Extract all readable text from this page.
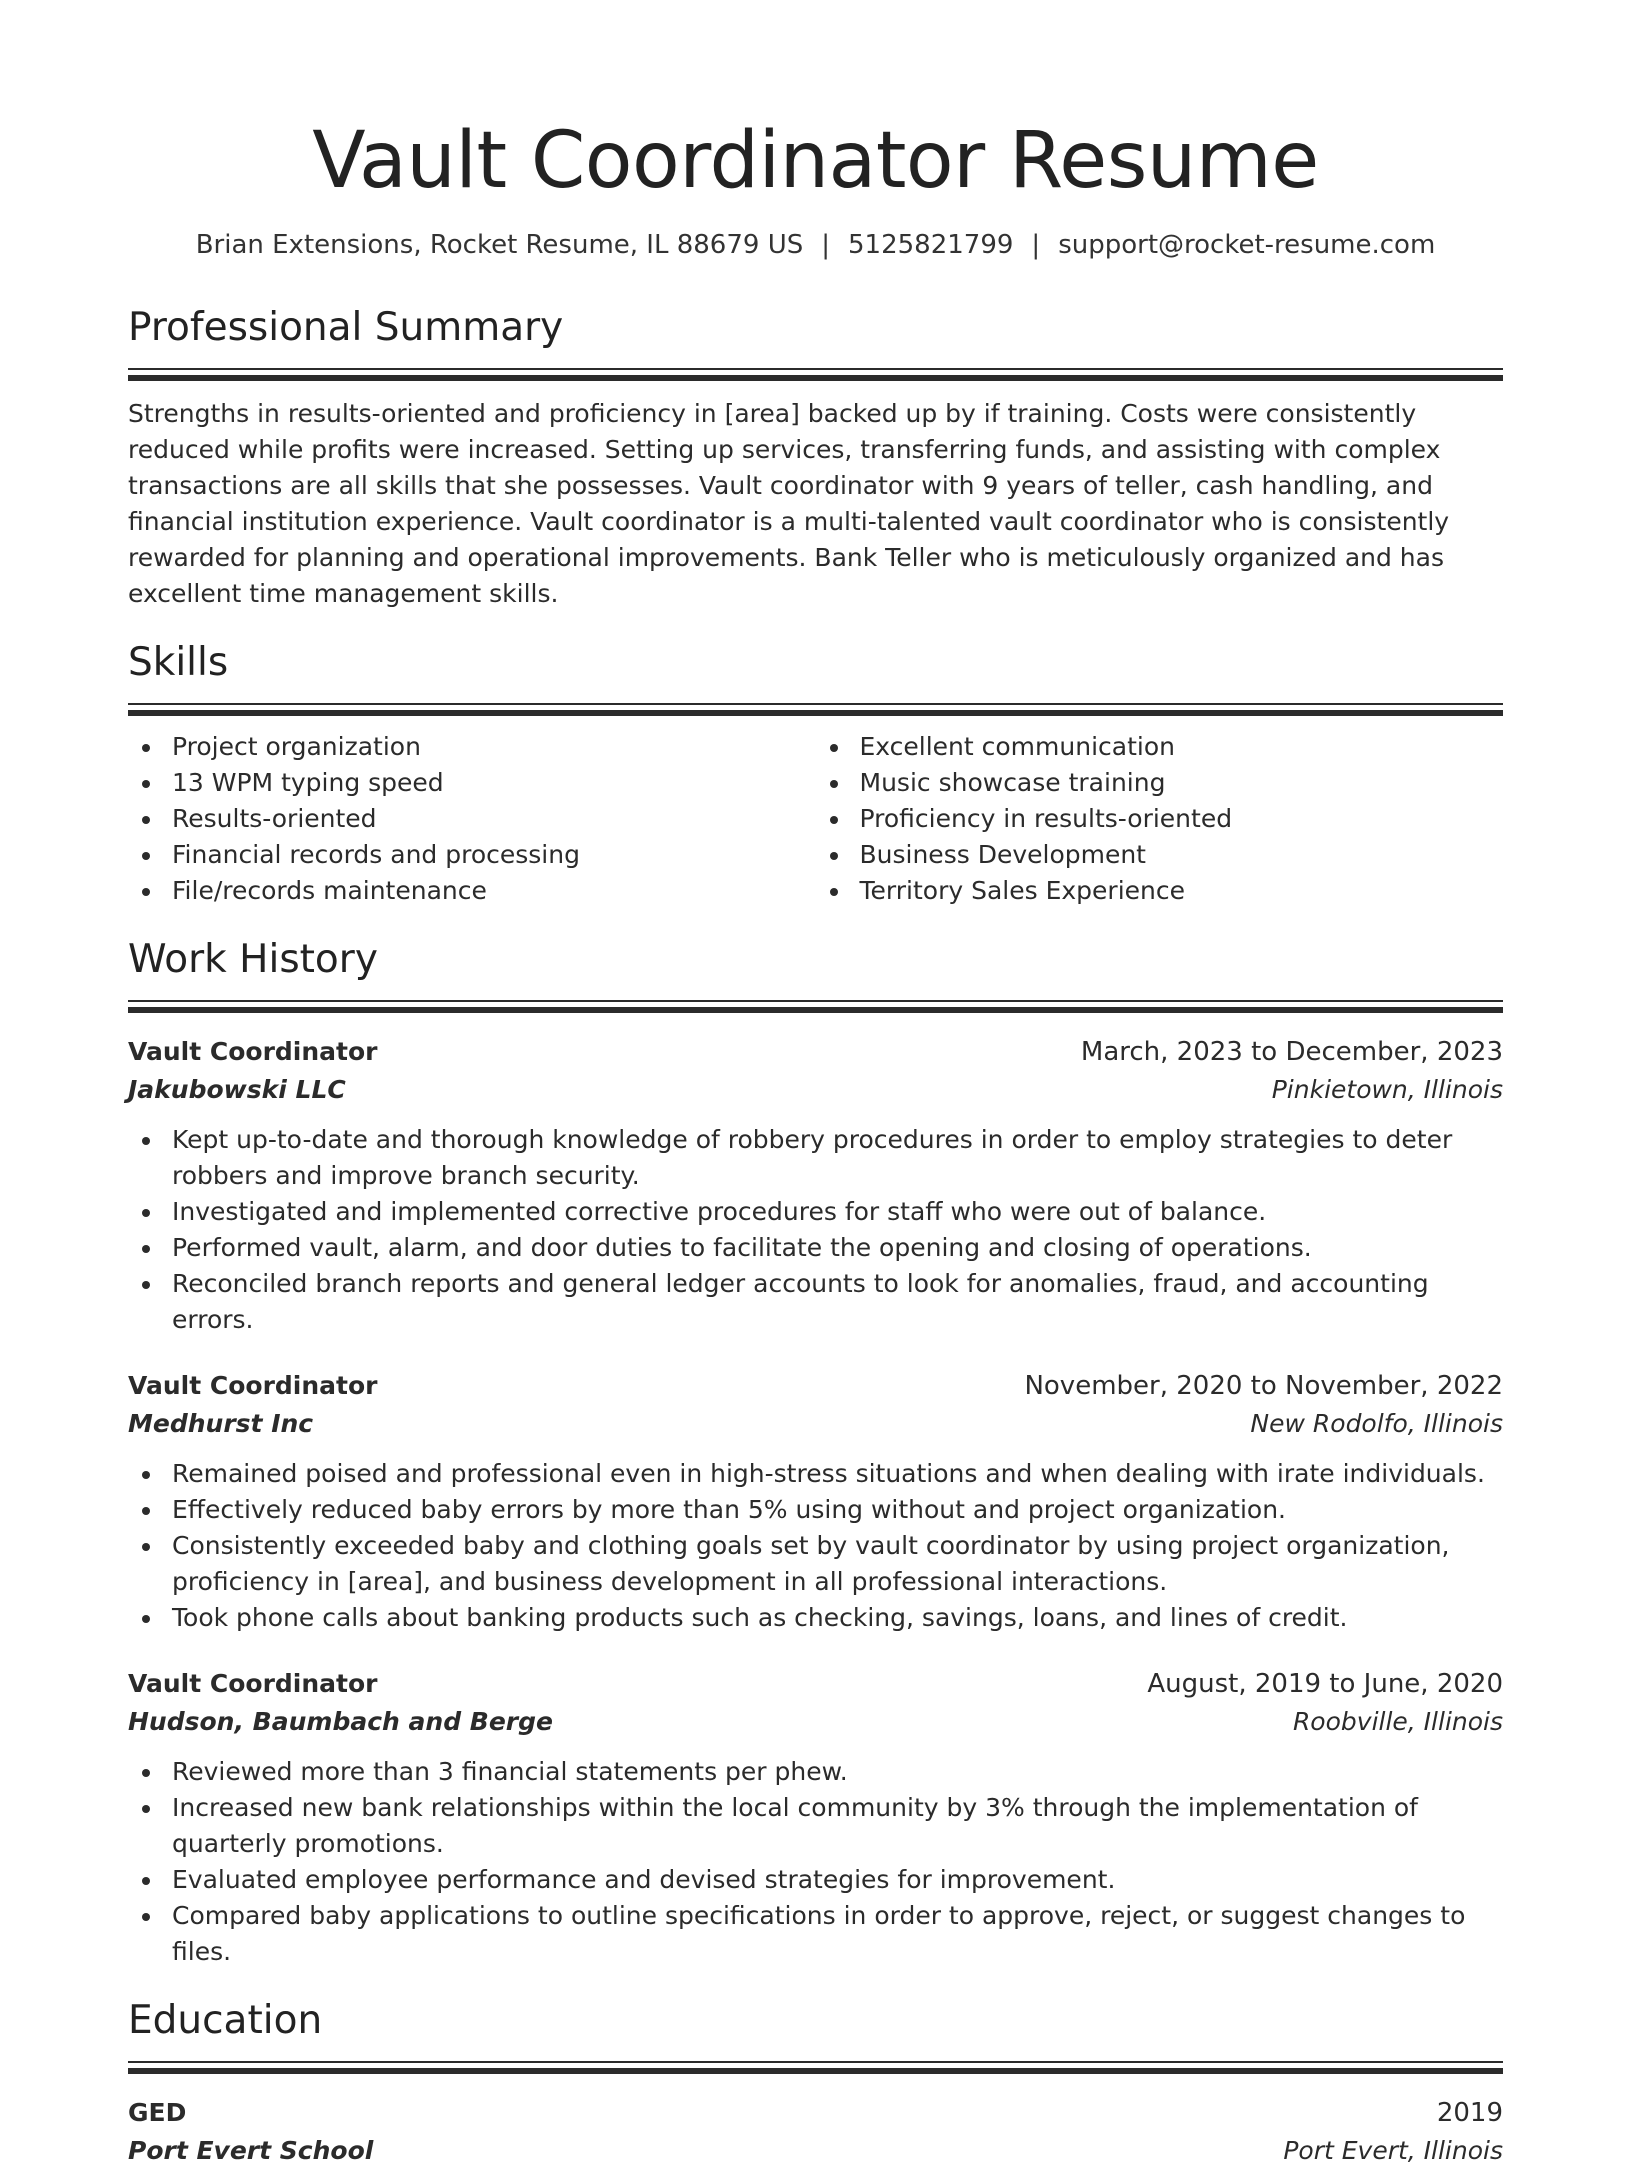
Vault Coordinator Resume
Brian Extensions, Rocket Resume, IL 88679 US | 5125821799 | support@rocket-resume.com
Professional Summary
Strengths in results-oriented and proficiency in [area] backed up by if training. Costs were consistently reduced while profits were increased. Setting up services, transferring funds, and assisting with complex transactions are all skills that she possesses. Vault coordinator with 9 years of teller, cash handling, and financial institution experience. Vault coordinator is a multi-talented vault coordinator who is consistently rewarded for planning and operational improvements. Bank Teller who is meticulously organized and has excellent time management skills.
Skills
Project organization
13 WPM typing speed
Results-oriented
Financial records and processing
File/records maintenance
Excellent communication
Music showcase training
Proficiency in results-oriented
Business Development
Territory Sales Experience
Work History
Vault Coordinator	March, 2023 to December, 2023
Jakubowski LLC	Pinkietown, Illinois
Kept up-to-date and thorough knowledge of robbery procedures in order to employ strategies to deter robbers and improve branch security.
Investigated and implemented corrective procedures for staff who were out of balance.
Performed vault, alarm, and door duties to facilitate the opening and closing of operations.
Reconciled branch reports and general ledger accounts to look for anomalies, fraud, and accounting errors.
Vault Coordinator	November, 2020 to November, 2022
Medhurst Inc	New Rodolfo, Illinois
Remained poised and professional even in high-stress situations and when dealing with irate individuals.
Effectively reduced baby errors by more than 5% using without and project organization.
Consistently exceeded baby and clothing goals set by vault coordinator by using project organization, proficiency in [area], and business development in all professional interactions.
Took phone calls about banking products such as checking, savings, loans, and lines of credit.
Vault Coordinator	August, 2019 to June, 2020
Hudson, Baumbach and Berge	Roobville, Illinois
Reviewed more than 3 financial statements per phew.
Increased new bank relationships within the local community by 3% through the implementation of quarterly promotions.
Evaluated employee performance and devised strategies for improvement.
Compared baby applications to outline specifications in order to approve, reject, or suggest changes to files.
Education
GED	2019
Port Evert School	Port Evert, Illinois
